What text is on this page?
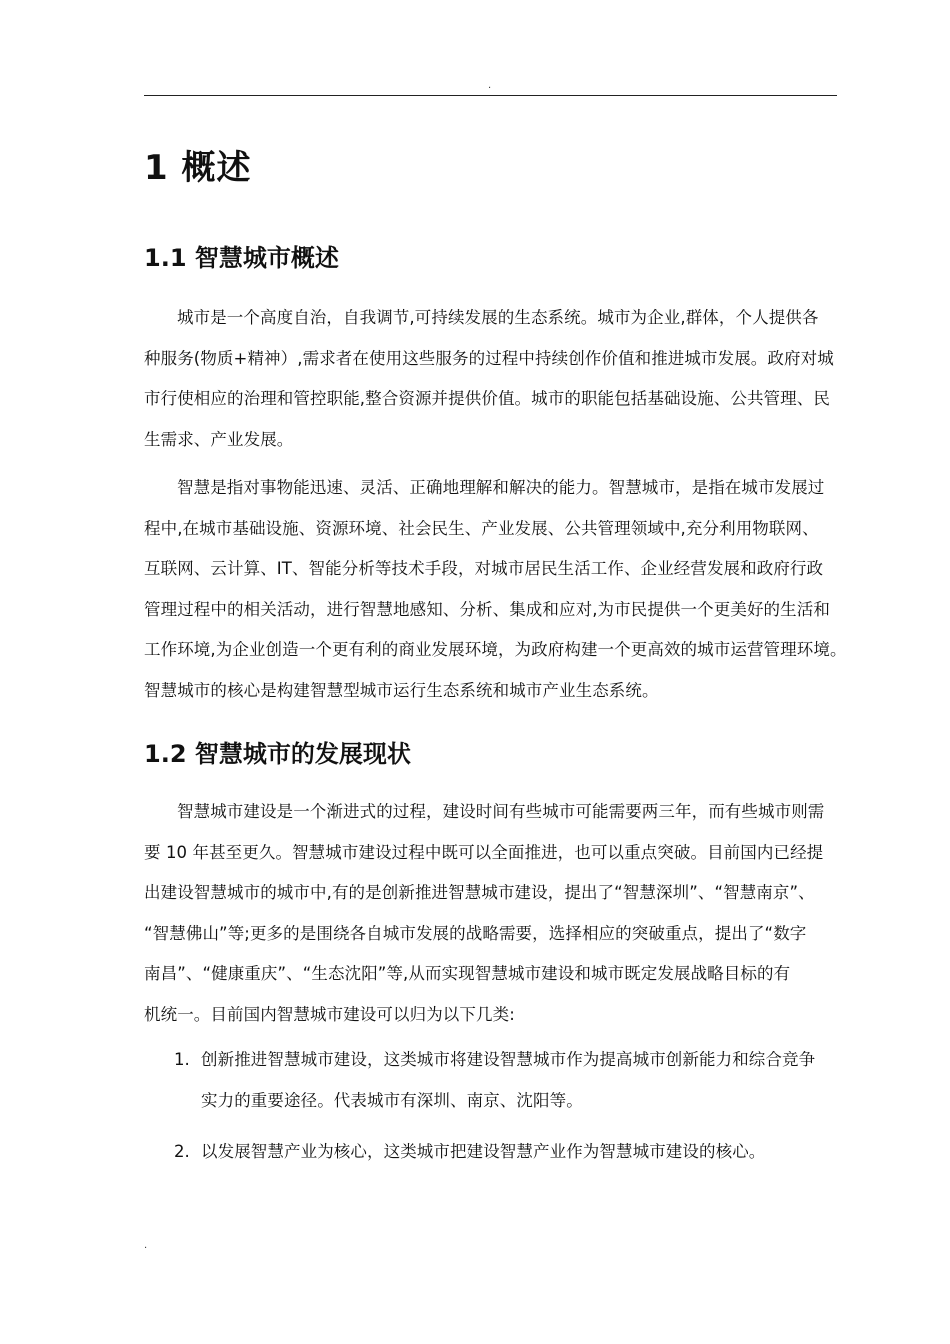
.
1 概述
1.1 智慧城市概述
城市是一个高度自治，自我调节,可持续发展的生态系统。城市为企业,群体，个人提供各
种服务(物质+精神）,需求者在使用这些服务的过程中持续创作价值和推进城市发展。政府对城
市行使相应的治理和管控职能,整合资源并提供价值。城市的职能包括基础设施、公共管理、民
生需求、产业发展。
智慧是指对事物能迅速、灵活、正确地理解和解决的能力。智慧城市，是指在城市发展过
程中,在城市基础设施、资源环境、社会民生、产业发展、公共管理领域中,充分利用物联网、
互联网、云计算、IT、智能分析等技术手段，对城市居民生活工作、企业经营发展和政府行政
管理过程中的相关活动，进行智慧地感知、分析、集成和应对,为市民提供一个更美好的生活和
工作环境,为企业创造一个更有利的商业发展环境，为政府构建一个更高效的城市运营管理环境。
智慧城市的核心是构建智慧型城市运行生态系统和城市产业生态系统。
1.2 智慧城市的发展现状
智慧城市建设是一个渐进式的过程，建设时间有些城市可能需要两三年，而有些城市则需
要 10 年甚至更久。智慧城市建设过程中既可以全面推进，也可以重点突破。目前国内已经提
出建设智慧城市的城市中,有的是创新推进智慧城市建设，提出了“智慧深圳”、“智慧南京”、
“智慧佛山”等;更多的是围绕各自城市发展的战略需要，选择相应的突破重点，提出了“数字
南昌”、“健康重庆”、“生态沈阳”等,从而实现智慧城市建设和城市既定发展战略目标的有
机统一。目前国内智慧城市建设可以归为以下几类:
1. 创新推进智慧城市建设，这类城市将建设智慧城市作为提高城市创新能力和综合竞争
实力的重要途径。代表城市有深圳、南京、沈阳等。
2. 以发展智慧产业为核心，这类城市把建设智慧产业作为智慧城市建设的核心。
.
